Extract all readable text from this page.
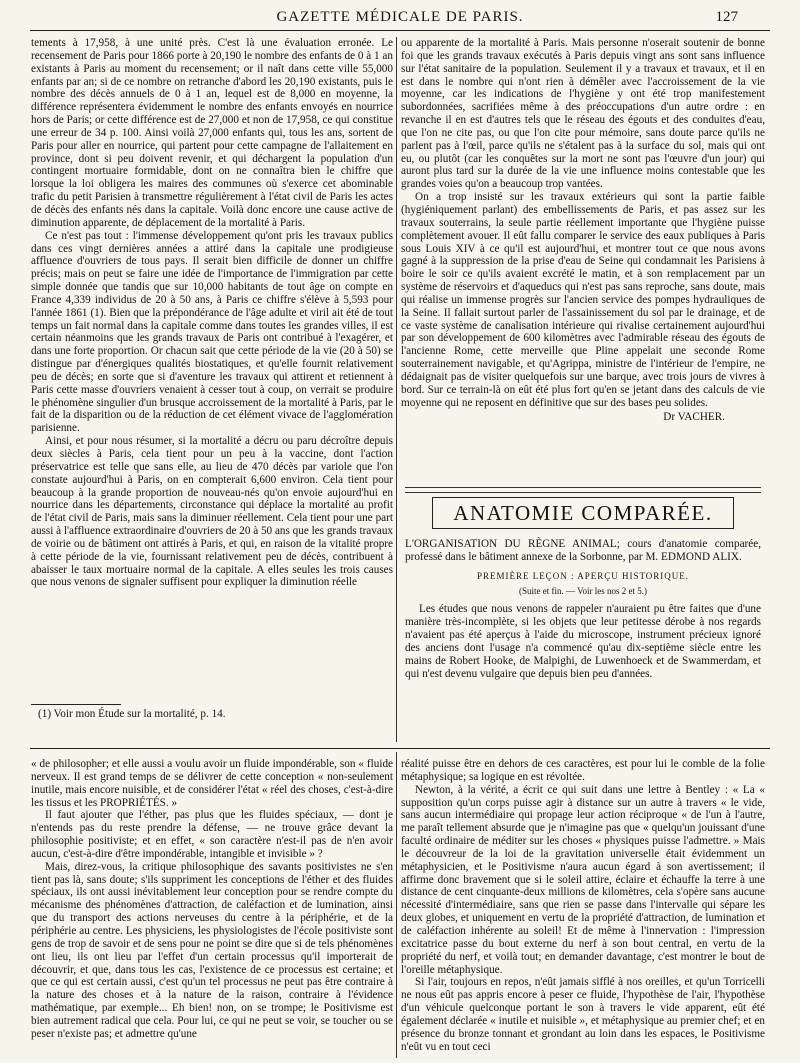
GAZETTE MÉDICALE DE PARIS.	127

tements à 17,958, à une unité près. C'est là une évaluation erronée. Le recensement de Paris pour 1866 porte à 20,190 le nombre des enfants de 0 à 1 an existants à Paris au moment du recensement; or il naît dans cette ville 55,000 enfants par an; si de ce nombre on retranche d'abord les 20,190 existants, puis le nombre des décès annuels de 0 à 1 an, lequel est de 8,000 en moyenne, la différence représentera évidemment le nombre des enfants envoyés en nourrice hors de Paris; or cette différence est de 27,000 et non de 17,958, ce qui constitue une erreur de 34 p. 100. Ainsi voilà 27,000 enfants qui, tous les ans, sortent de Paris pour aller en nourrice, qui partent pour cette campagne de l'allaitement en province, dont si peu doivent revenir, et qui déchargent la population d'un contingent mortuaire formidable, dont on ne connaîtra bien le chiffre que lorsque la loi obligera les maires des communes où s'exerce cet abominable trafic du petit Parisien à transmettre régulièrement à l'état civil de Paris les actes de décès des enfants nés dans la capitale. Voilà donc encore une cause active de diminution apparente, de déplacement de la mortalité à Paris.

Ce n'est pas tout : l'immense développement qu'ont pris les travaux publics dans ces vingt dernières années a attiré dans la capitale une prodigieuse affluence d'ouvriers de tous pays. Il serait bien difficile de donner un chiffre précis; mais on peut se faire une idée de l'importance de l'immigration par cette simple donnée que tandis que sur 10,000 habitants de tout âge on compte en France 4,339 individus de 20 à 50 ans, à Paris ce chiffre s'élève à 5,593 pour l'année 1861 (1). Bien que la prépondérance de l'âge adulte et viril ait été de tout temps un fait normal dans la capitale comme dans toutes les grandes villes, il est certain néanmoins que les grands travaux de Paris ont contribué à l'exagérer, et dans une forte proportion. Or chacun sait que cette période de la vie (20 à 50) se distingue par d'énergiques qualités biostatiques, et qu'elle fournit relativement peu de décès; en sorte que si d'aventure les travaux qui attirent et retiennent à Paris cette masse d'ouvriers venaient à cesser tout à coup, on verrait se produire le phénomène singulier d'un brusque accroissement de la mortalité à Paris, par le fait de la disparition ou de la réduction de cet élément vivace de l'agglomération parisienne.

Ainsi, et pour nous résumer, si la mortalité a décru ou paru décroître depuis deux siècles à Paris, cela tient pour un peu à la vaccine, dont l'action préservatrice est telle que sans elle, au lieu de 470 décès par variole que l'on constate aujourd'hui à Paris, on en compterait 6,600 environ. Cela tient pour beaucoup à la grande proportion de nouveau-nés qu'on envoie aujourd'hui en nourrice dans les départements, circonstance qui déplace la mortalité au profit de l'état civil de Paris, mais sans la diminuer réellement. Cela tient pour une part aussi à l'affluence extraordinaire d'ouvriers de 20 à 50 ans que les grands travaux de voirie ou de bâtiment ont attirés à Paris, et qui, en raison de la vitalité propre à cette période de la vie, fournissant relativement peu de décès, contribuent à abaisser le taux mortuaire normal de la capitale. A elles seules les trois causes que nous venons de signaler suffisent pour expliquer la diminution réelle

(1) Voir mon Étude sur la mortalité, p. 14.

ou apparente de la mortalité à Paris. Mais personne n'oserait soutenir de bonne foi que les grands travaux exécutés à Paris depuis vingt ans sont sans influence sur l'état sanitaire de la population. Seulement il y a travaux et travaux, et il en est dans le nombre qui n'ont rien à démêler avec l'accroissement de la vie moyenne, car les indications de l'hygiène y ont été trop manifestement subordonnées, sacrifiées même à des préoccupations d'un autre ordre : en revanche il en est d'autres tels que le réseau des égouts et des conduites d'eau, que l'on ne cite pas, ou que l'on cite pour mémoire, sans doute parce qu'ils ne parlent pas à l'œil, parce qu'ils ne s'étalent pas à la surface du sol, mais qui ont eu, ou plutôt (car les conquêtes sur la mort ne sont pas l'œuvre d'un jour) qui auront plus tard sur la durée de la vie une influence moins contestable que les grandes voies qu'on a beaucoup trop vantées.

On a trop insisté sur les travaux extérieurs qui sont la partie faible (hygiéniquement parlant) des embellissements de Paris, et pas assez sur les travaux souterrains, la seule partie réellement importante que l'hygiène puisse complètement avouer. Il eût fallu comparer le service des eaux publiques à Paris sous Louis XIV à ce qu'il est aujourd'hui, et montrer tout ce que nous avons gagné à la suppression de la prise d'eau de Seine qui condamnait les Parisiens à boire le soir ce qu'ils avaient excrété le matin, et à son remplacement par un système de réservoirs et d'aqueducs qui n'est pas sans reproche, sans doute, mais qui réalise un immense progrès sur l'ancien service des pompes hydrauliques de la Seine. Il fallait surtout parler de l'assainissement du sol par le drainage, et de ce vaste système de canalisation intérieure qui rivalise certainement aujourd'hui par son développement de 600 kilomètres avec l'admirable réseau des égouts de l'ancienne Rome, cette merveille que Pline appelait une seconde Rome souterrainement navigable, et qu'Agrippa, ministre de l'intérieur de l'empire, ne dédaignait pas de visiter quelquefois sur une barque, avec trois jours de vivres à bord. Sur ce terrain-là on eût été plus fort qu'en se jetant dans des calculs de vie moyenne qui ne reposent en définitive que sur des bases peu solides.

Dr VACHER.
ANATOMIE COMPARÉE.

L'ORGANISATION DU RÈGNE ANIMAL; cours d'anatomie comparée, professé dans le bâtiment annexe de la Sorbonne, par M. EDMOND ALIX.

PREMIÈRE LEÇON : APERÇU HISTORIQUE.
(Suite et fin. — Voir les nos 2 et 5.)

Les études que nous venons de rappeler n'auraient pu être faites que d'une manière très-incomplète, si les objets que leur petitesse dérobe à nos regards n'avaient pas été aperçus à l'aide du microscope, instrument précieux ignoré des anciens dont l'usage n'a commencé qu'au dix-septième siècle entre les mains de Robert Hooke, de Malpighi, de Luwenhoeck et de Swammerdam, et qui n'est devenu vulgaire que depuis bien peu d'années.

« de philosopher; et elle aussi a voulu avoir un fluide impondérable, son « fluide nerveux. Il est grand temps de se délivrer de cette conception « non-seulement inutile, mais encore nuisible, et de considérer l'état « réel des choses, c'est-à-dire les tissus et les PROPRIÉTÉS. »

Il faut ajouter que l'éther, pas plus que les fluides spéciaux, — dont je n'entends pas du reste prendre la défense, — ne trouve grâce devant la philosophie positiviste; et en effet, « son caractère n'est-il pas de n'en avoir aucun, c'est-à-dire d'être impondérable, intangible et invisible » ?

Mais, direz-vous, la critique philosophique des savants positivistes ne s'en tient pas là, sans doute; s'ils suppriment les conceptions de l'éther et des fluides spéciaux, ils ont aussi inévitablement leur conception pour se rendre compte du mécanisme des phénomènes d'attraction, de caléfaction et de lumination, ainsi que du transport des actions nerveuses du centre à la périphérie, et de la périphérie au centre. Les physiciens, les physiologistes de l'école positiviste sont gens de trop de savoir et de sens pour ne point se dire que si de tels phénomènes ont lieu, ils ont lieu par l'effet d'un certain processus qu'il importerait de découvrir, et que, dans tous les cas, l'existence de ce processus est certaine; et que ce qui est certain aussi, c'est qu'un tel processus ne peut pas être contraire à la nature des choses et à la nature de la raison, contraire à l'évidence mathématique, par exemple... Eh bien! non, on se trompe; le Positivisme est bien autrement radical que cela. Pour lui, ce qui ne peut se voir, se toucher ou se peser n'existe pas; et admettre qu'une

réalité puisse être en dehors de ces caractères, est pour lui le comble de la folie métaphysique; sa logique en est révoltée.

Newton, à la vérité, a écrit ce qui suit dans une lettre à Bentley : « La « supposition qu'un corps puisse agir à distance sur un autre à travers « le vide, sans aucun intermédiaire qui propage leur action réciproque « de l'un à l'autre, me paraît tellement absurde que je n'imagine pas que « quelqu'un jouissant d'une faculté ordinaire de méditer sur les choses « physiques puisse l'admettre. » Mais le découvreur de la loi de la gravitation universelle était évidemment un métaphysicien, et le Positivisme n'aura aucun égard à son avertissement; il affirme donc bravement que si le soleil attire, éclaire et échauffe la terre à une distance de cent cinquante-deux millions de kilomètres, cela s'opère sans aucune nécessité d'intermédiaire, sans que rien se passe dans l'intervalle qui sépare les deux globes, et uniquement en vertu de la propriété d'attraction, de lumination et de caléfaction inhérente au soleil! Et de même à l'innervation : l'impression excitatrice passe du bout externe du nerf à son bout central, en vertu de la propriété du nerf, et voilà tout; en demander davantage, c'est montrer le bout de l'oreille métaphysique.

Si l'air, toujours en repos, n'eût jamais sifflé à nos oreilles, et qu'un Torricelli ne nous eût pas appris encore à peser ce fluide, l'hypothèse de l'air, l'hypothèse d'un véhicule quelconque portant le son à travers le vide apparent, eût été également déclarée « inutile et nuisible », et métaphysique au premier chef; et en présence du bronze tonnant et grondant au loin dans les espaces, le Positivisme n'eût vu en tout ceci
